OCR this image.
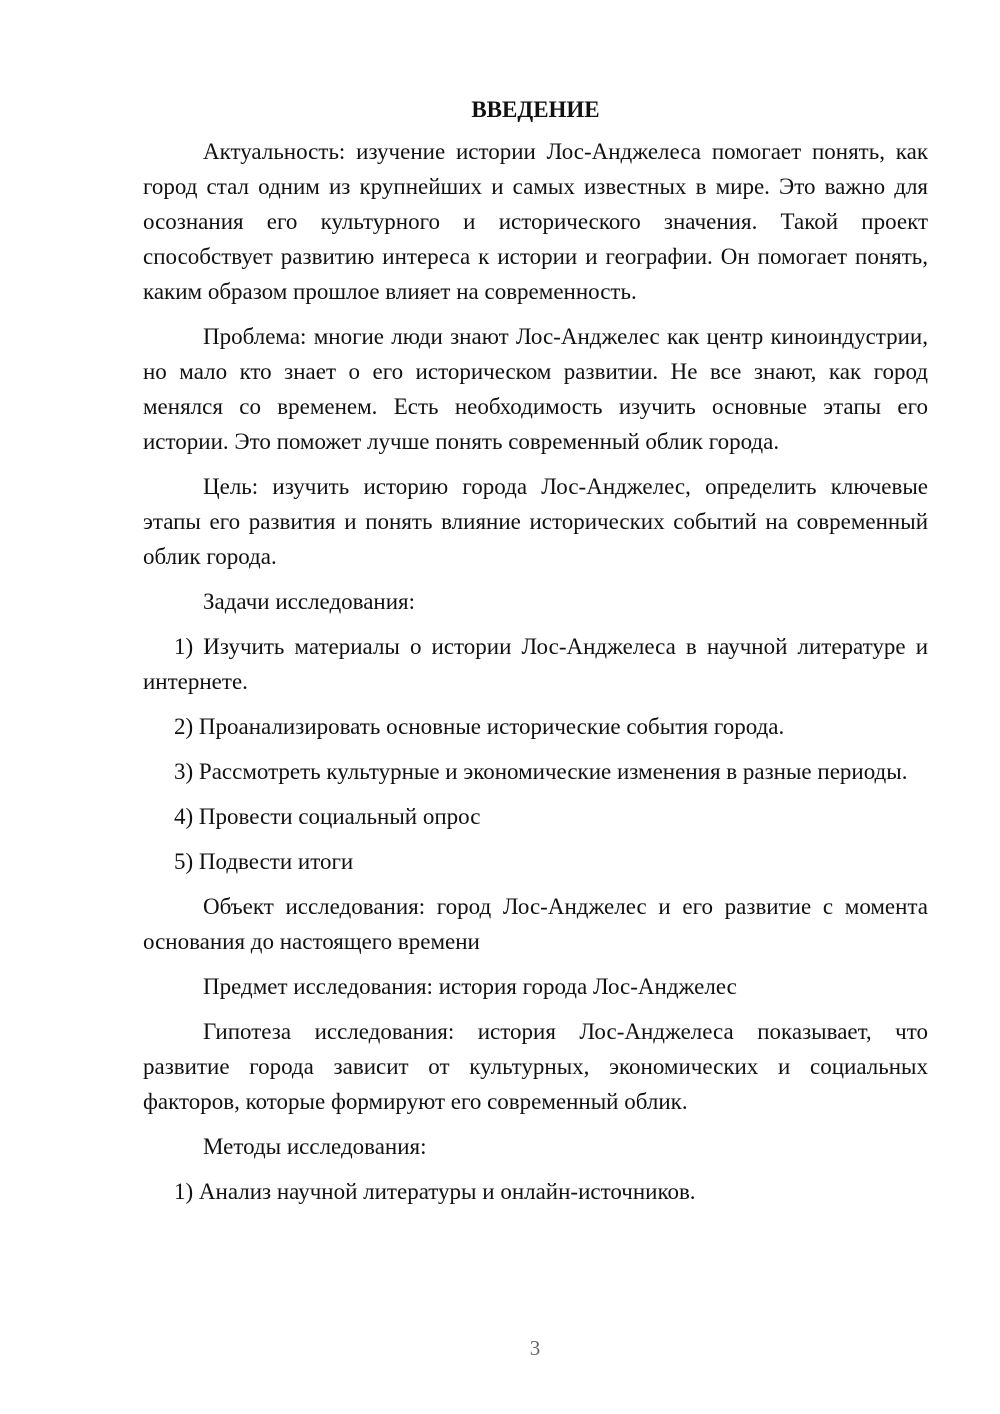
ВВЕДЕНИЕ

Актуальность: изучение истории Лос-Анджелеса помогает понять, как город стал одним из крупнейших и самых известных в мире. Это важно для осознания его культурного и исторического значения. Такой проект способствует развитию интереса к истории и географии. Он помогает понять, каким образом прошлое влияет на современность.

Проблема: многие люди знают Лос-Анджелес как центр киноиндустрии, но мало кто знает о его историческом развитии. Не все знают, как город менялся со временем. Есть необходимость изучить основные этапы его истории. Это поможет лучше понять современный облик города.

Цель: изучить историю города Лос-Анджелес, определить ключевые этапы его развития и понять влияние исторических событий на современный облик города.

Задачи исследования:

1) Изучить материалы о истории Лос-Анджелеса в научной литературе и интернете.

2) Проанализировать основные исторические события города.

3) Рассмотреть культурные и экономические изменения в разные периоды.

4) Провести социальный опрос

5) Подвести итоги

Объект исследования: город Лос-Анджелес и его развитие с момента основания до настоящего времени

Предмет исследования: история города Лос-Анджелес

Гипотеза исследования: история Лос-Анджелеса показывает, что развитие города зависит от культурных, экономических и социальных факторов, которые формируют его современный облик.

Методы исследования:

1) Анализ научной литературы и онлайн-источников.

3
